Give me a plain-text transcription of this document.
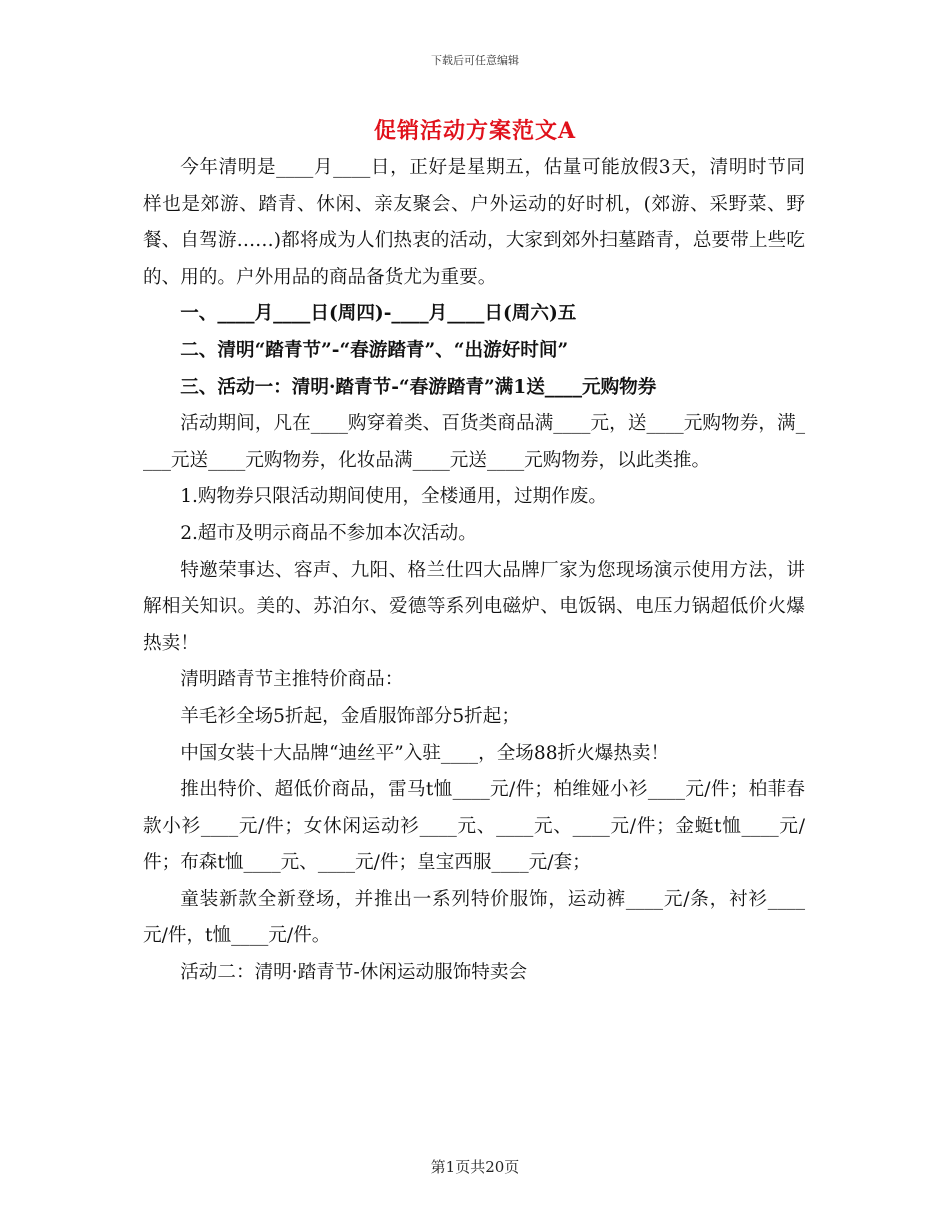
下载后可任意编辑
促销活动方案范文A

今年清明是____月____日，正好是星期五，估量可能放假3天，清明时节同样也是郊游、踏青、休闲、亲友聚会、户外运动的好时机，(郊游、采野菜、野餐、自驾游……)都将成为人们热衷的活动，大家到郊外扫墓踏青，总要带上些吃的、用的。户外用品的商品备货尤为重要。

一、____月____日(周四)-____月____日(周六)五

二、清明“踏青节”-“春游踏青”、“出游好时间”

三、活动一：清明·踏青节-“春游踏青”满1送____元购物券

活动期间，凡在____购穿着类、百货类商品满____元，送____元购物券，满____元送____元购物券，化妆品满____元送____元购物券，以此类推。

1.购物券只限活动期间使用，全楼通用，过期作废。

2.超市及明示商品不参加本次活动。

特邀荣事达、容声、九阳、格兰仕四大品牌厂家为您现场演示使用方法，讲解相关知识。美的、苏泊尔、爱德等系列电磁炉、电饭锅、电压力锅超低价火爆热卖！

清明踏青节主推特价商品：

羊毛衫全场5折起，金盾服饰部分5折起；

中国女装十大品牌“迪丝平”入驻____，全场88折火爆热卖！

推出特价、超低价商品，雷马t恤____元/件；柏维娅小衫____元/件；柏菲春款小衫____元/件；女休闲运动衫____元、____元、____元/件；金蜓t恤____元/件；布森t恤____元、____元/件；皇宝西服____元/套；

童装新款全新登场，并推出一系列特价服饰，运动裤____元/条，衬衫____元/件，t恤____元/件。

活动二：清明·踏青节-休闲运动服饰特卖会

第1页共20页
